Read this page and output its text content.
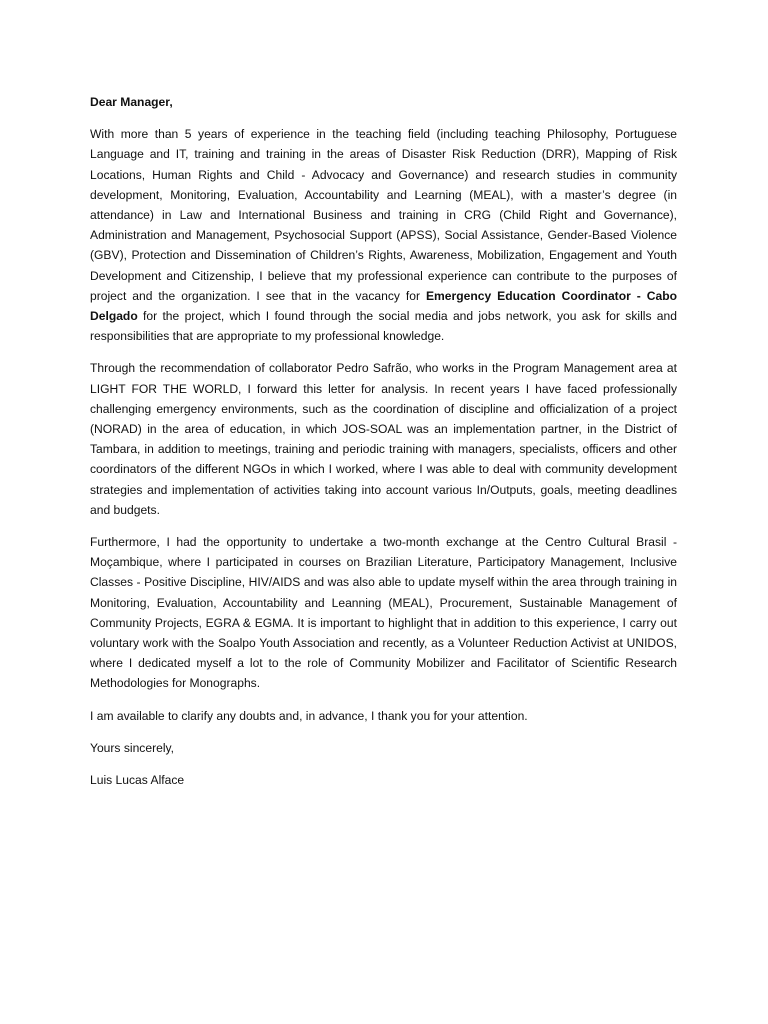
Dear Manager,

With more than 5 years of experience in the teaching field (including teaching Philosophy, Portuguese Language and IT, training and training in the areas of Disaster Risk Reduction (DRR), Mapping of Risk Locations, Human Rights and Child - Advocacy and Governance) and research studies in community development, Monitoring, Evaluation, Accountability and Learning (MEAL), with a master’s degree (in attendance) in Law and International Business and training in CRG (Child Right and Governance), Administration and Management, Psychosocial Support (APSS), Social Assistance, Gender-Based Violence (GBV), Protection and Dissemination of Children’s Rights, Awareness, Mobilization, Engagement and Youth Development and Citizenship, I believe that my professional experience can contribute to the purposes of project and the organization. I see that in the vacancy for Emergency Education Coordinator - Cabo Delgado for the project, which I found through the social media and jobs network, you ask for skills and responsibilities that are appropriate to my professional knowledge.

Through the recommendation of collaborator Pedro Safrão, who works in the Program Management area at LIGHT FOR THE WORLD, I forward this letter for analysis. In recent years I have faced professionally challenging emergency environments, such as the coordination of discipline and officialization of a project (NORAD) in the area of education, in which JOS-SOAL was an implementation partner, in the District of Tambara, in addition to meetings, training and periodic training with managers, specialists, officers and other coordinators of the different NGOs in which I worked, where I was able to deal with community development strategies and implementation of activities taking into account various In/Outputs, goals, meeting deadlines and budgets.

Furthermore, I had the opportunity to undertake a two-month exchange at the Centro Cultural Brasil - Moçambique, where I participated in courses on Brazilian Literature, Participatory Management, Inclusive Classes - Positive Discipline, HIV/AIDS and was also able to update myself within the area through training in Monitoring, Evaluation, Accountability and Leanning (MEAL), Procurement, Sustainable Management of Community Projects, EGRA & EGMA. It is important to highlight that in addition to this experience, I carry out voluntary work with the Soalpo Youth Association and recently, as a Volunteer Reduction Activist at UNIDOS, where I dedicated myself a lot to the role of Community Mobilizer and Facilitator of Scientific Research Methodologies for Monographs.

I am available to clarify any doubts and, in advance, I thank you for your attention.

Yours sincerely,

Luis Lucas Alface
